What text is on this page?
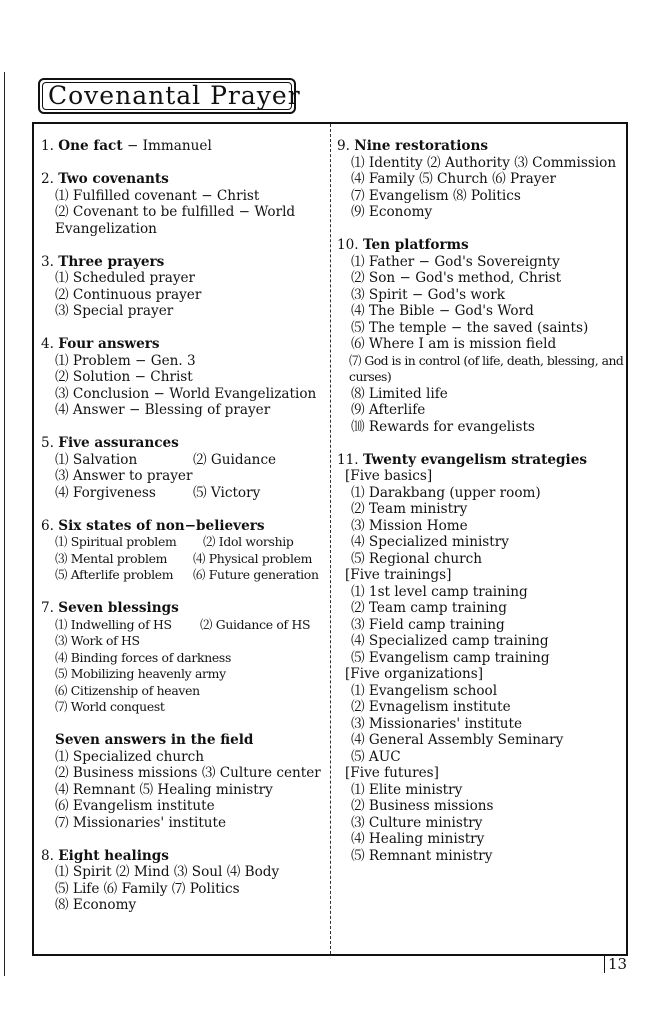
Covenantal Prayer
1. One fact − Immanuel
2. Two covenants
⑴ Fulfilled covenant − Christ
⑵ Covenant to be fulfilled − World Evangelization
3. Three prayers
⑴ Scheduled prayer
⑵ Continuous prayer
⑶ Special prayer
4. Four answers
⑴ Problem − Gen. 3
⑵ Solution − Christ
⑶ Conclusion − World Evangelization
⑷ Answer − Blessing of prayer
5. Five assurances
⑴ Salvation	⑵ Guidance
⑶ Answer to prayer
⑷ Forgiveness	⑸ Victory
6. Six states of non−believers
⑴ Spiritual problem ⑵ Idol worship
⑶ Mental problem ⑷ Physical problem
⑸ Afterlife problem ⑹ Future generation
7. Seven blessings
⑴ Indwelling of HS ⑵ Guidance of HS
⑶ Work of HS
⑷ Binding forces of darkness
⑸ Mobilizing heavenly army
⑹ Citizenship of heaven
⑺ World conquest
Seven answers in the field
⑴ Specialized church
⑵ Business missions ⑶ Culture center
⑷ Remnant ⑸ Healing ministry
⑹ Evangelism institute
⑺ Missionaries' institute
8. Eight healings
⑴ Spirit ⑵ Mind ⑶ Soul ⑷ Body
⑸ Life ⑹ Family ⑺ Politics
⑻ Economy
9. Nine restorations
⑴ Identity ⑵ Authority ⑶ Commission
⑷ Family ⑸ Church ⑹ Prayer
⑺ Evangelism ⑻ Politics
⑼ Economy
10. Ten platforms
⑴ Father − God's Sovereignty
⑵ Son − God's method, Christ
⑶ Spirit − God's work
⑷ The Bible − God's Word
⑸ The temple − the saved (saints)
⑹ Where I am is mission field
⑺ God is in control (of life, death, blessing, and curses)
⑻ Limited life
⑼ Afterlife
⑽ Rewards for evangelists
11. Twenty evangelism strategies
[Five basics]
⑴ Darakbang (upper room)
⑵ Team ministry
⑶ Mission Home
⑷ Specialized ministry
⑸ Regional church
[Five trainings]
⑴ 1st level camp training
⑵ Team camp training
⑶ Field camp training
⑷ Specialized camp training
⑸ Evangelism camp training
[Five organizations]
⑴ Evangelism school
⑵ Evnagelism institute
⑶ Missionaries' institute
⑷ General Assembly Seminary
⑸ AUC
[Five futures]
⑴ Elite ministry
⑵ Business missions
⑶ Culture ministry
⑷ Healing ministry
⑸ Remnant ministry
13
